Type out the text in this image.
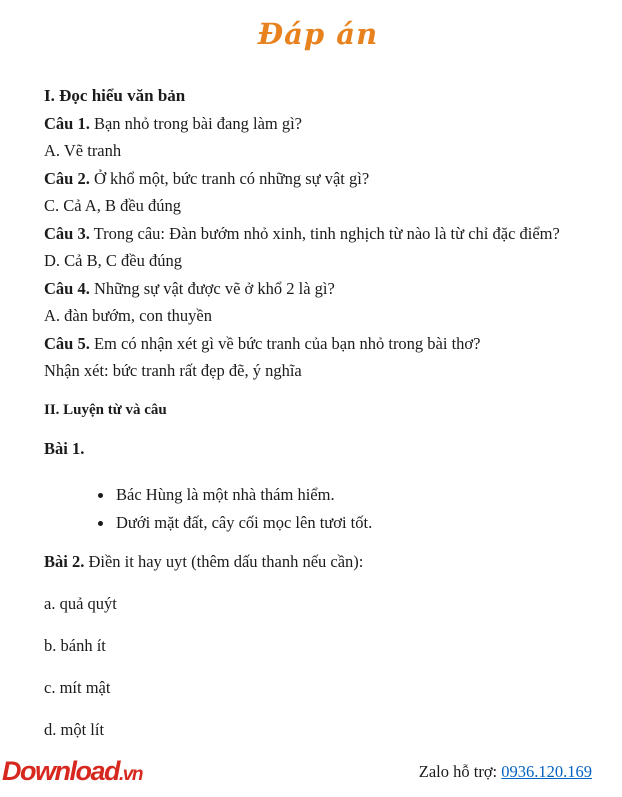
Đáp án
I. Đọc hiểu văn bản

Câu 1. Bạn nhỏ trong bài đang làm gì?

A. Vẽ tranh

Câu 2. Ở khổ một, bức tranh có những sự vật gì?

C. Cả A, B đều đúng

Câu 3. Trong câu: Đàn bướm nhỏ xinh, tinh nghịch từ nào là từ chỉ đặc điểm?

D. Cả B, C đều đúng

Câu 4. Những sự vật được vẽ ở khổ 2 là gì?

A. đàn bướm, con thuyền

Câu 5. Em có nhận xét gì về bức tranh của bạn nhỏ trong bài thơ?

Nhận xét: bức tranh rất đẹp đẽ, ý nghĩa

II. Luyện từ và câu
Bài 1.
Bác Hùng là một nhà thám hiểm.
Dưới mặt đất, cây cối mọc lên tươi tốt.

Bài 2. Điền it hay uyt (thêm dấu thanh nếu cần):

a. quả quýt

b. bánh ít

c. mít mật

d. một lít

Download.vn	Zalo hỗ trợ: 0936.120.169
